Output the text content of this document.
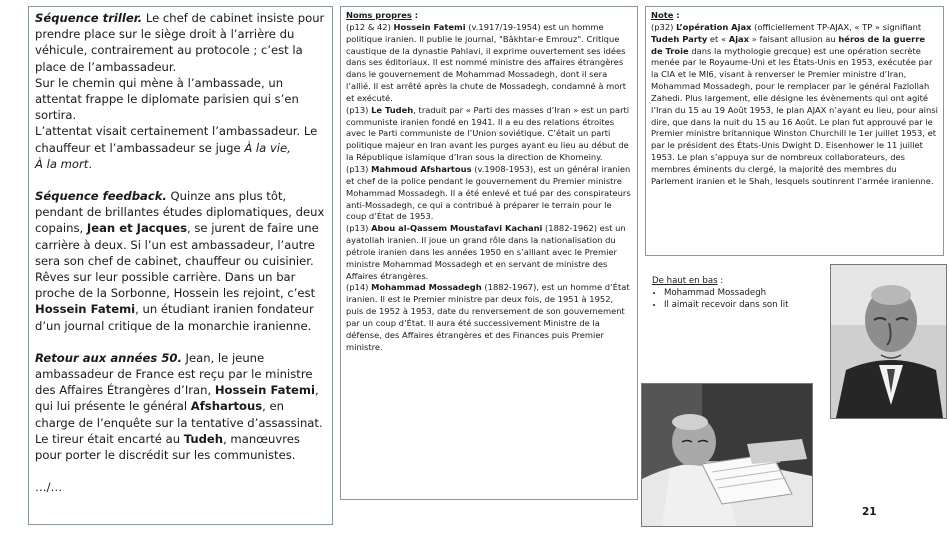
Séquence triller. Le chef de cabinet insiste pour prendre place sur le siège droit à l’arrière du véhicule, contrairement au protocole ; c’est la place de l’ambassadeur.

Sur le chemin qui mène à l’ambassade, un attentat frappe le diplomate parisien qui s’en sortira.

L’attentat visait certainement l’ambassadeur. Le chauffeur et l’ambassadeur se juge À la vie,
À la mort.

Séquence feedback. Quinze ans plus tôt, pendant de brillantes études diplomatiques, deux copains, Jean et Jacques, se jurent de faire une carrière à deux. Si l’un est ambassadeur, l’autre sera son chef de cabinet, chauffeur ou cuisinier.

Rêves sur leur possible carrière. Dans un bar proche de la Sorbonne, Hossein les rejoint, c’est Hossein Fatemi, un étudiant iranien fondateur d’un journal critique de la monarchie iranienne.

Retour aux années 50. Jean, le jeune ambassadeur de France est reçu par le ministre des Affaires Étrangères d’Iran, Hossein Fatemi, qui lui présente le général Afshartous, en charge de l’enquête sur la tentative d’assassinat. Le tireur était encarté au Tudeh, manœuvres pour porter le discrédit sur les communistes.

…/…

Noms propres :

(p12 & 42) Hossein Fatemi (v.1917/19-1954) est un homme politique iranien. Il publie le journal, "Bâkhtar-e Emrouz". Critique caustique de la dynastie Pahlavi, il exprime ouvertement ses idées dans ses éditoriaux. Il est nommé ministre des affaires étrangères dans le gouvernement de Mohammad Mossadegh, dont il sera l’allié. Il est arrêté après la chute de Mossadegh, condamné à mort et exécuté.

(p13) Le Tudeh, traduit par « Parti des masses d’Iran » est un parti communiste iranien fondé en 1941. Il a eu des relations étroites avec le Parti communiste de l’Union soviétique. C’était un parti politique majeur en Iran avant les purges ayant eu lieu au début de la République islamique d’Iran sous la direction de Khomeiny.

(p13) Mahmoud Afshartous (v.1908-1953), est un général iranien et chef de la police pendant le gouvernement du Premier ministre Mohammad Mossadegh. Il a été enlevé et tué par des conspirateurs anti-Mossadegh, ce qui a contribué à préparer le terrain pour le coup d’État de 1953.

(p13) Abou al-Qassem Moustafavi Kachani (1882-1962) est un ayatollah iranien. Il joue un grand rôle dans la nationalisation du pétrole iranien dans les années 1950 en s’alliant avec le Premier ministre Mohammad Mossadegh et en servant de ministre des Affaires étrangères.

(p14) Mohammad Mossadegh (1882-1967), est un homme d’État iranien. Il est le Premier ministre par deux fois, de 1951 à 1952, puis de 1952 à 1953, date du renversement de son gouvernement par un coup d’État. Il aura été successivement Ministre de la défense, des Affaires étrangères et des Finances puis Premier ministre.

Note :

(p32) L’opération Ajax (officiellement TP-AJAX, « TP » signifiant Tudeh Party et « Ajax » faisant allusion au héros de la guerre de Troie dans la mythologie grecque) est une opération secrète menée par le Royaume-Uni et les États-Unis en 1953, exécutée par la CIA et le MI6, visant à renverser le Premier ministre d’Iran, Mohammad Mossadegh, pour le remplacer par le général Fazlollah Zahedi. Plus largement, elle désigne les évènements qui ont agité l’Iran du 15 au 19 Août 1953, le plan AJAX n’ayant eu lieu, pour ainsi dire, que dans la nuit du 15 au 16 Août. Le plan fut approuvé par le Premier ministre britannique Winston Churchill le 1er juillet 1953, et par le président des États-Unis Dwight D. Eisenhower le 11 juillet 1953. Le plan s’appuya sur de nombreux collaborateurs, des membres éminents du clergé, la majorité des membres du Parlement iranien et le Shah, lesquels soutinrent l’armée iranienne.

De haut en bas :
• Mohammad Mossadegh
• Il aimait recevoir dans son lit
21
